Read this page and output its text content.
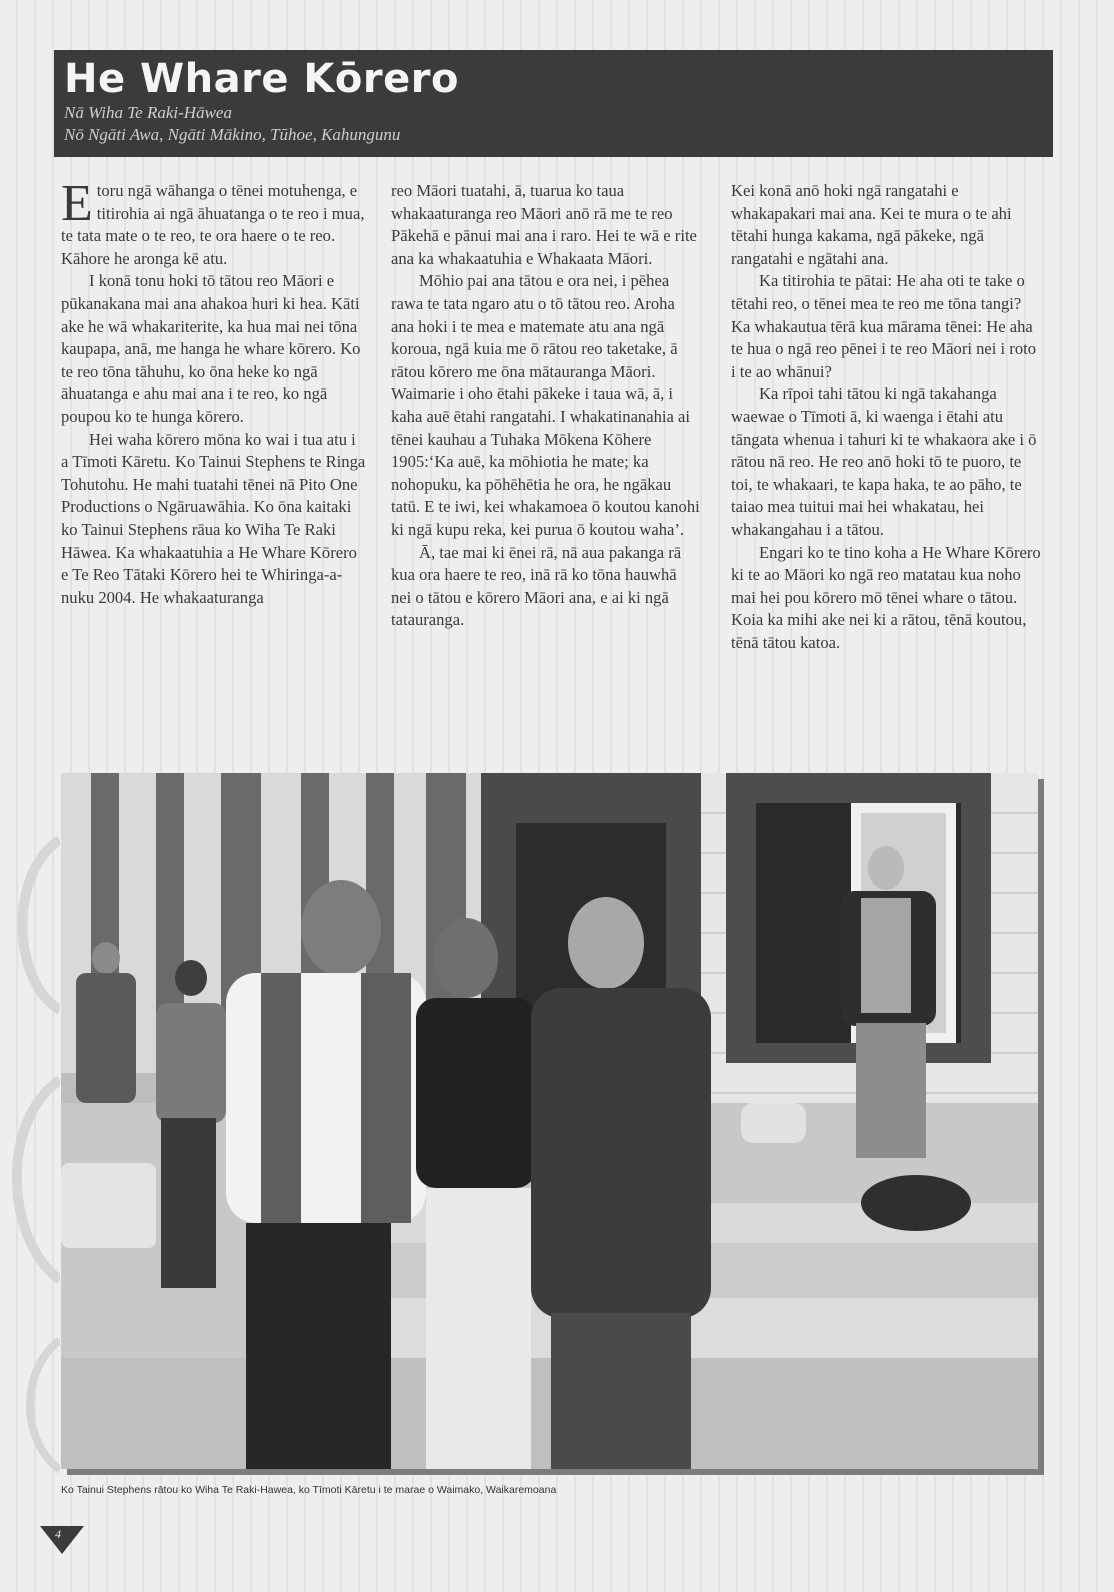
He Whare Kōrero

Nā Wiha Te Raki-Hāwea

Nō Ngāti Awa, Ngāti Mākino, Tūhoe, Kahungunu

Etoru ngā wāhanga o tēnei motuhenga, e titirohia ai ngā āhuatanga o te reo i mua, te tata mate o te reo, te ora haere o te reo. Kāhore he aronga kē atu.

I konā tonu hoki tō tātou reo Māori e pūkanakana mai ana ahakoa huri ki hea. Kāti ake he wā whakariterite, ka hua mai nei tōna kaupapa, anā, me hanga he whare kōrero. Ko te reo tōna tāhuhu, ko ōna heke ko ngā āhuatanga e ahu mai ana i te reo, ko ngā poupou ko te hunga kōrero.

Hei waha kōrero mōna ko wai i tua atu i a Tīmoti Kāretu. Ko Tainui Stephens te Ringa Tohutohu. He mahi tuatahi tēnei nā Pito One Productions o Ngāruawāhia. Ko ōna kaitaki ko Tainui Stephens rāua ko Wiha Te Raki Hāwea. Ka whakaatuhia a He Whare Kōrero e Te Reo Tātaki Kōrero hei te Whiringa-a-nuku 2004. He whakaaturanga

reo Māori tuatahi, ā, tuarua ko taua whakaaturanga reo Māori anō rā me te reo Pākehā e pānui mai ana i raro. Hei te wā e rite ana ka whakaatuhia e Whakaata Māori.

Mōhio pai ana tātou e ora nei, i pēhea rawa te tata ngaro atu o tō tātou reo. Aroha ana hoki i te mea e matemate atu ana ngā koroua, ngā kuia me ō rātou reo taketake, ā rātou kōrero me ōna mātauranga Māori. Waimarie i oho ētahi pākeke i taua wā, ā, i kaha auē ētahi rangatahi. I whakatinanahia ai tēnei kauhau a Tuhaka Mōkena Kōhere 1905:‘Ka auē, ka mōhiotia he mate; ka nohopuku, ka pōhēhētia he ora, he ngākau tatū. E te iwi, kei whakamoea ō koutou kanohi ki ngā kupu reka, kei purua ō koutou waha’.

Ā, tae mai ki ēnei rā, nā aua pakanga rā kua ora haere te reo, inā rā ko tōna hauwhā nei o tātou e kōrero Māori ana, e ai ki ngā tatauranga.

Kei konā anō hoki ngā rangatahi e whakapakari mai ana. Kei te mura o te ahi tētahi hunga kakama, ngā pākeke, ngā rangatahi e ngātahi ana.

Ka titirohia te pātai: He aha oti te take o tētahi reo, o tēnei mea te reo me tōna tangi? Ka whakautua tērā kua mārama tēnei: He aha te hua o ngā reo pēnei i te reo Māori nei i roto i te ao whānui?

Ka rīpoi tahi tātou ki ngā takahanga waewae o Tīmoti ā, ki waenga i ētahi atu tāngata whenua i tahuri ki te whakaora ake i ō rātou nā reo. He reo anō hoki tō te puoro, te toi, te whakaari, te kapa haka, te ao pāho, te taiao mea tuitui mai hei whakatau, hei whakangahau i a tātou.

Engari ko te tino koha a He Whare Kōrero ki te ao Māori ko ngā reo matatau kua noho mai hei pou kōrero mō tēnei whare o tātou. Koia ka mihi ake nei ki a rātou, tēnā koutou, tēnā tātou katoa.

Ko Tainui Stephens rātou ko Wiha Te Raki-Hawea, ko Tīmoti Kāretu i te marae o Waimako, Waikaremoana
4
